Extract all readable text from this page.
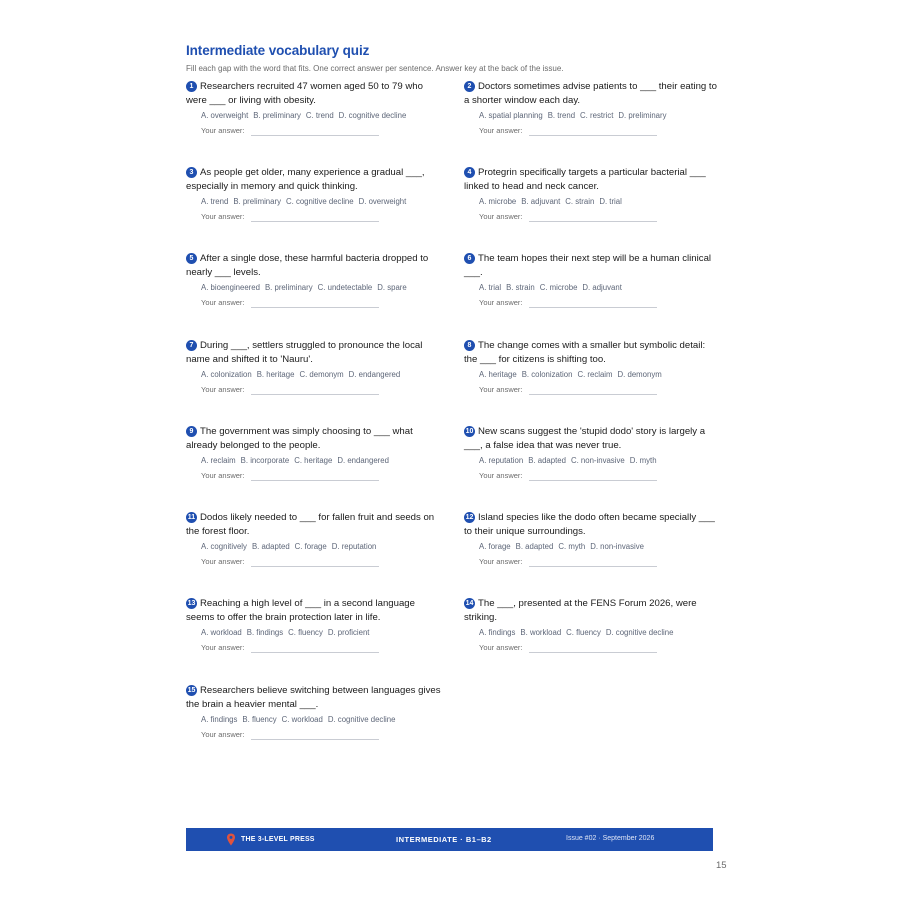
Intermediate vocabulary quiz
Fill each gap with the word that fits. One correct answer per sentence. Answer key at the back of the issue.
1 Researchers recruited 47 women aged 50 to 79 who were ___ or living with obesity.
A. overweight B. preliminary C. trend D. cognitive decline
Your answer:
2 Doctors sometimes advise patients to ___ their eating to a shorter window each day.
A. spatial planning B. trend C. restrict D. preliminary
Your answer:
3 As people get older, many experience a gradual ___, especially in memory and quick thinking.
A. trend B. preliminary C. cognitive decline D. overweight
Your answer:
4 Protegrin specifically targets a particular bacterial ___ linked to head and neck cancer.
A. microbe B. adjuvant C. strain D. trial
Your answer:
5 After a single dose, these harmful bacteria dropped to nearly ___ levels.
A. bioengineered B. preliminary C. undetectable D. spare
Your answer:
6 The team hopes their next step will be a human clinical ___.
A. trial B. strain C. microbe D. adjuvant
Your answer:
7 During ___, settlers struggled to pronounce the local name and shifted it to 'Nauru'.
A. colonization B. heritage C. demonym D. endangered
Your answer:
8 The change comes with a smaller but symbolic detail: the ___ for citizens is shifting too.
A. heritage B. colonization C. reclaim D. demonym
Your answer:
9 The government was simply choosing to ___ what already belonged to the people.
A. reclaim B. incorporate C. heritage D. endangered
Your answer:
10 New scans suggest the 'stupid dodo' story is largely a ___, a false idea that was never true.
A. reputation B. adapted C. non-invasive D. myth
Your answer:
11 Dodos likely needed to ___ for fallen fruit and seeds on the forest floor.
A. cognitively B. adapted C. forage D. reputation
Your answer:
12 Island species like the dodo often became specially ___ to their unique surroundings.
A. forage B. adapted C. myth D. non-invasive
Your answer:
13 Reaching a high level of ___ in a second language seems to offer the brain protection later in life.
A. workload B. findings C. fluency D. proficient
Your answer:
14 The ___, presented at the FENS Forum 2026, were striking.
A. findings B. workload C. fluency D. cognitive decline
Your answer:
15 Researchers believe switching between languages gives the brain a heavier mental ___.
A. findings B. fluency C. workload D. cognitive decline
Your answer:
THE 3-LEVEL PRESS	INTERMEDIATE · B1–B2	Issue #02 · September 2026
15
